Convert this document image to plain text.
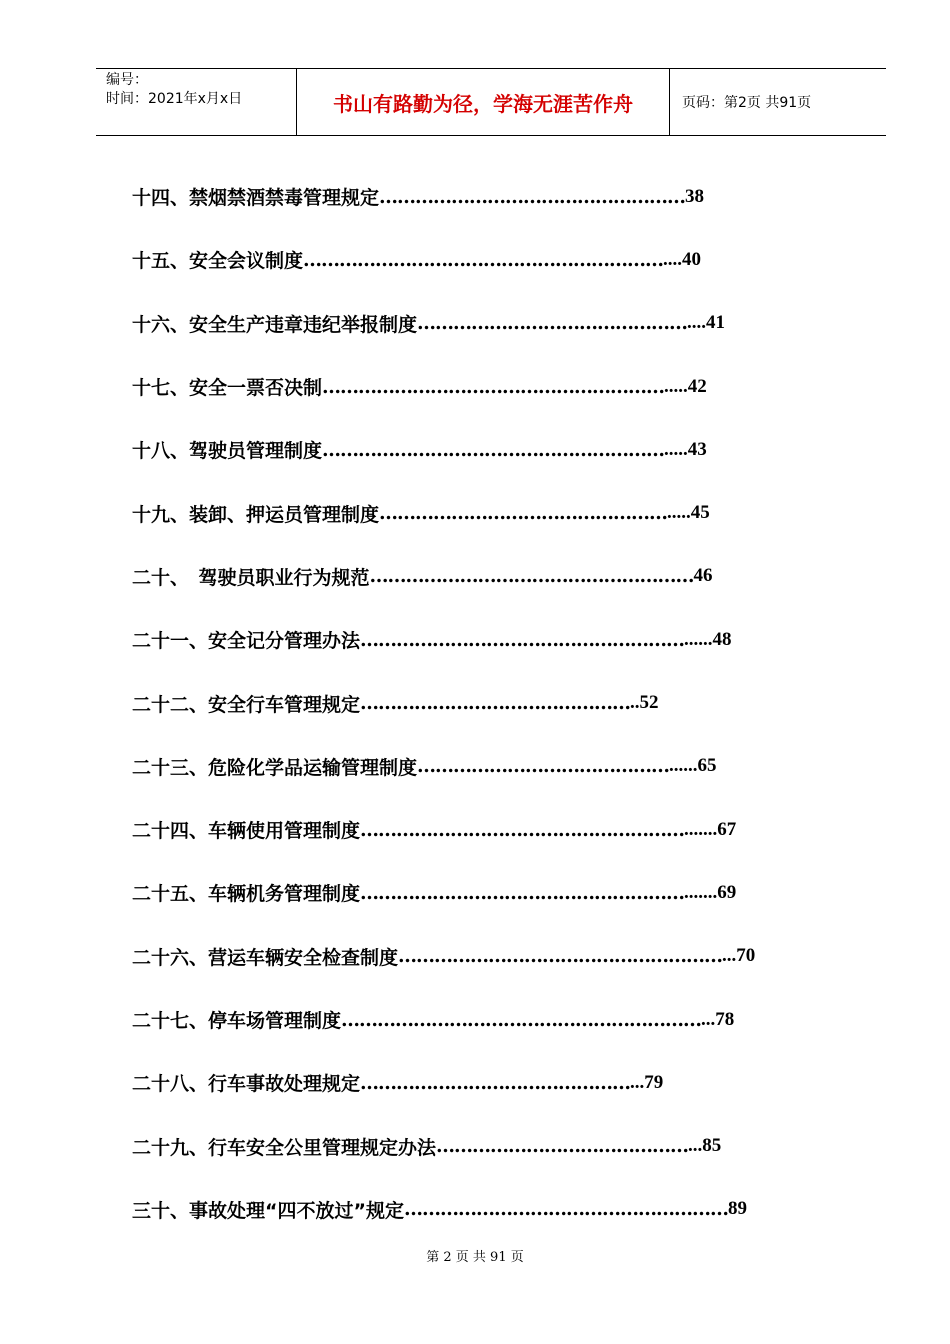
编号：
时间：2021年x月x日	书山有路勤为径，学海无涯苦作舟	页码：第2页 共91页
十四、禁烟禁酒禁毒管理规定 …………………………………………… 38
十五、安全会议制度 …………………………………………………… ....40
十六、安全生产违章违纪举报制度 ……………………………………… ....41
十七、安全一票否决制 ………………………………………………… .....42
十八、驾驶员管理制度 ………………………………………………… .....43
十九、装卸、押运员管理制度 ………………………………………… .....45
二十、　驾驶员职业行为规范 ……………………………………………… 46
二十一、安全记分管理办法 ……………………………………………… ......48
二十二、安全行车管理规定 ……………………………………… ..52
二十三、危险化学品运输管理制度 …………………………………… ......65
二十四、车辆使用管理制度 ……………………………………………… .......67
二十五、车辆机务管理制度 ……………………………………………… .......69
二十六、营运车辆安全检查制度 ……………………………………………… ...70
二十七、停车场管理制度 …………………………………………………… ...78
二十八、行车事故处理规定 ……………………………………… ...79
二十九、行车安全公里管理规定办法 …………………………………… ...85
三十、事故处理“四不放过”规定 ……………………………………………… 89
第 2 页 共 91 页
